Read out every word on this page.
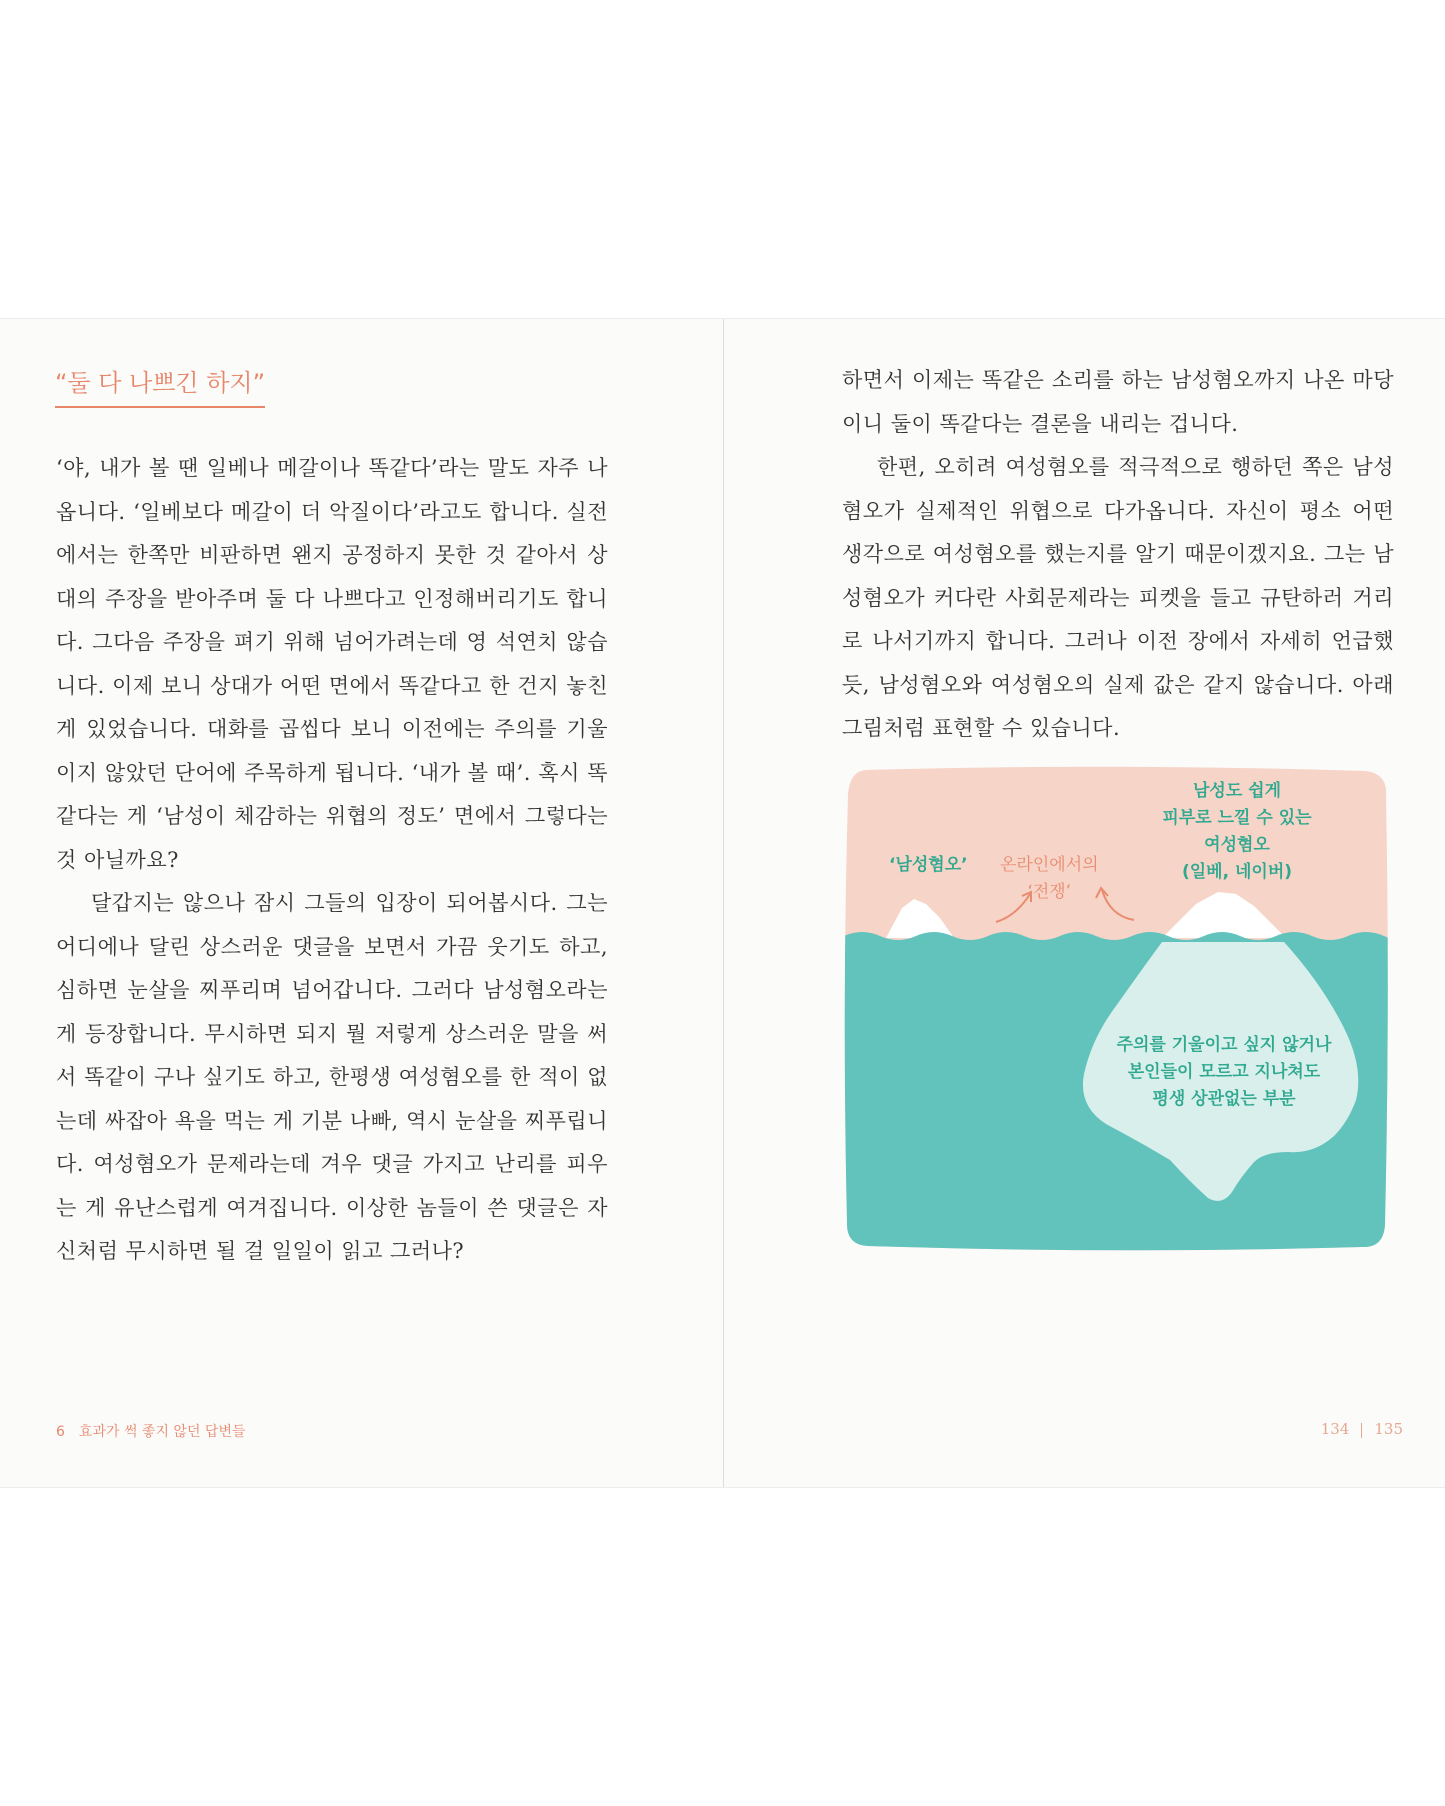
“둘 다 나쁘긴 하지”

‘야, 내가 볼 땐 일베나 메갈이나 똑같다’라는 말도 자주 나옵니다. ‘일베보다 메갈이 더 악질이다’라고도 합니다. 실전에서는 한쪽만 비판하면 왠지 공정하지 못한 것 같아서 상대의 주장을 받아주며 둘 다 나쁘다고 인정해버리기도 합니다. 그다음 주장을 펴기 위해 넘어가려는데 영 석연치 않습니다. 이제 보니 상대가 어떤 면에서 똑같다고 한 건지 놓친 게 있었습니다. 대화를 곱씹다 보니 이전에는 주의를 기울이지 않았던 단어에 주목하게 됩니다. ‘내가 볼 때’. 혹시 똑같다는 게 ‘남성이 체감하는 위협의 정도’ 면에서 그렇다는 것 아닐까요?

달갑지는 않으나 잠시 그들의 입장이 되어봅시다. 그는 어디에나 달린 상스러운 댓글을 보면서 가끔 웃기도 하고, 심하면 눈살을 찌푸리며 넘어갑니다. 그러다 남성혐오라는 게 등장합니다. 무시하면 되지 뭘 저렇게 상스러운 말을 써서 똑같이 구나 싶기도 하고, 한평생 여성혐오를 한 적이 없는데 싸잡아 욕을 먹는 게 기분 나빠, 역시 눈살을 찌푸립니다. 여성혐오가 문제라는데 겨우 댓글 가지고 난리를 피우는 게 유난스럽게 여겨집니다. 이상한 놈들이 쓴 댓글은 자신처럼 무시하면 될 걸 일일이 읽고 그러나?

6 효과가 썩 좋지 않던 답변들

하면서 이제는 똑같은 소리를 하는 남성혐오까지 나온 마당이니 둘이 똑같다는 결론을 내리는 겁니다.

한편, 오히려 여성혐오를 적극적으로 행하던 쪽은 남성혐오가 실제적인 위협으로 다가옵니다. 자신이 평소 어떤 생각으로 여성혐오를 했는지를 알기 때문이겠지요. 그는 남성혐오가 커다란 사회문제라는 피켓을 들고 규탄하러 거리로 나서기까지 합니다. 그러나 이전 장에서 자세히 언급했듯, 남성혐오와 여성혐오의 실제 값은 같지 않습니다. 아래 그림처럼 표현할 수 있습니다.

‘남성혐오’ 온라인에서의
‘전쟁’
남성도 쉽게
피부로 느낄 수 있는
여성혐오
(일베, 네이버)
주의를 기울이고 싶지 않거나
본인들이 모르고 지나쳐도
평생 상관없는 부분
134 135
